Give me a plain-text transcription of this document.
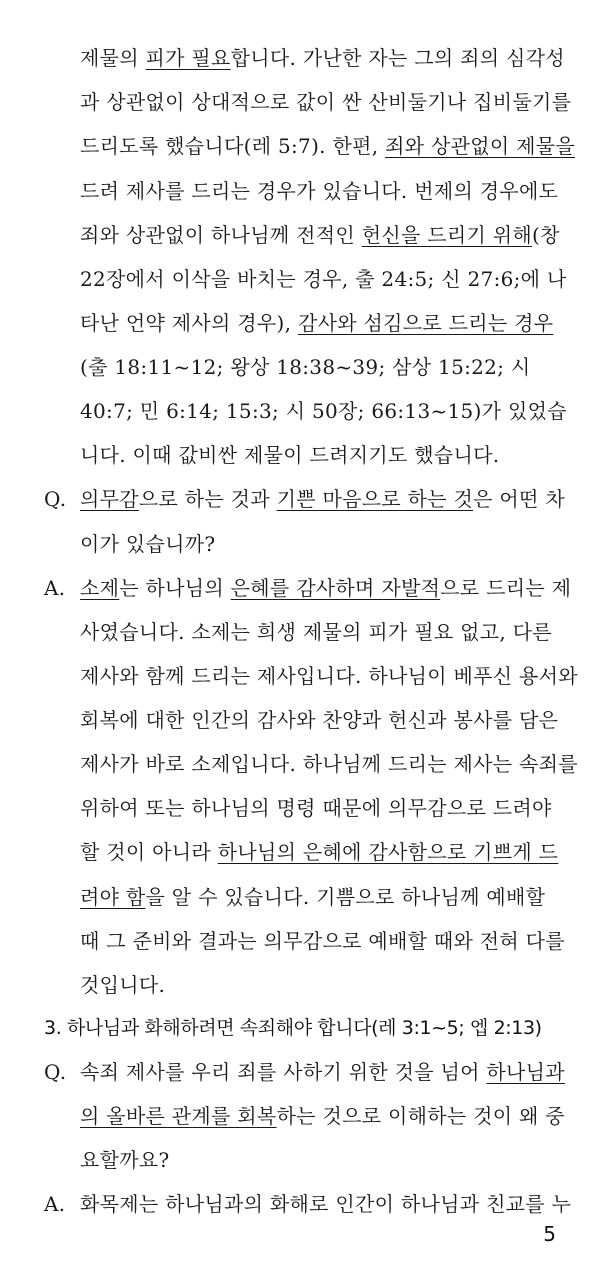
제물의 피가 필요합니다. 가난한 자는 그의 죄의 심각성
과 상관없이 상대적으로 값이 싼 산비둘기나 집비둘기를
드리도록 했습니다(레 5:7). 한편, 죄와 상관없이 제물을
드려 제사를 드리는 경우가 있습니다. 번제의 경우에도
죄와 상관없이 하나님께 전적인 헌신을 드리기 위해(창
22장에서 이삭을 바치는 경우, 출 24:5; 신 27:6;에 나
타난 언약 제사의 경우), 감사와 섬김으로 드리는 경우
(출 18:11~12; 왕상 18:38~39; 삼상 15:22; 시
40:7; 민 6:14; 15:3; 시 50장; 66:13~15)가 있었습
니다. 이때 값비싼 제물이 드려지기도 했습니다.
Q. 의무감으로 하는 것과 기쁜 마음으로 하는 것은 어떤 차
이가 있습니까?
A. 소제는 하나님의 은혜를 감사하며 자발적으로 드리는 제
사였습니다. 소제는 희생 제물의 피가 필요 없고, 다른
제사와 함께 드리는 제사입니다. 하나님이 베푸신 용서와
회복에 대한 인간의 감사와 찬양과 헌신과 봉사를 담은
제사가 바로 소제입니다. 하나님께 드리는 제사는 속죄를
위하여 또는 하나님의 명령 때문에 의무감으로 드려야
할 것이 아니라 하나님의 은혜에 감사함으로 기쁘게 드
려야 함을 알 수 있습니다. 기쁨으로 하나님께 예배할
때 그 준비와 결과는 의무감으로 예배할 때와 전혀 다를
것입니다.
3. 하나님과 화해하려면 속죄해야 합니다(레 3:1~5; 엡 2:13)
Q. 속죄 제사를 우리 죄를 사하기 위한 것을 넘어 하나님과
의 올바른 관계를 회복하는 것으로 이해하는 것이 왜 중
요할까요?
A. 화목제는 하나님과의 화해로 인간이 하나님과 친교를 누
5
